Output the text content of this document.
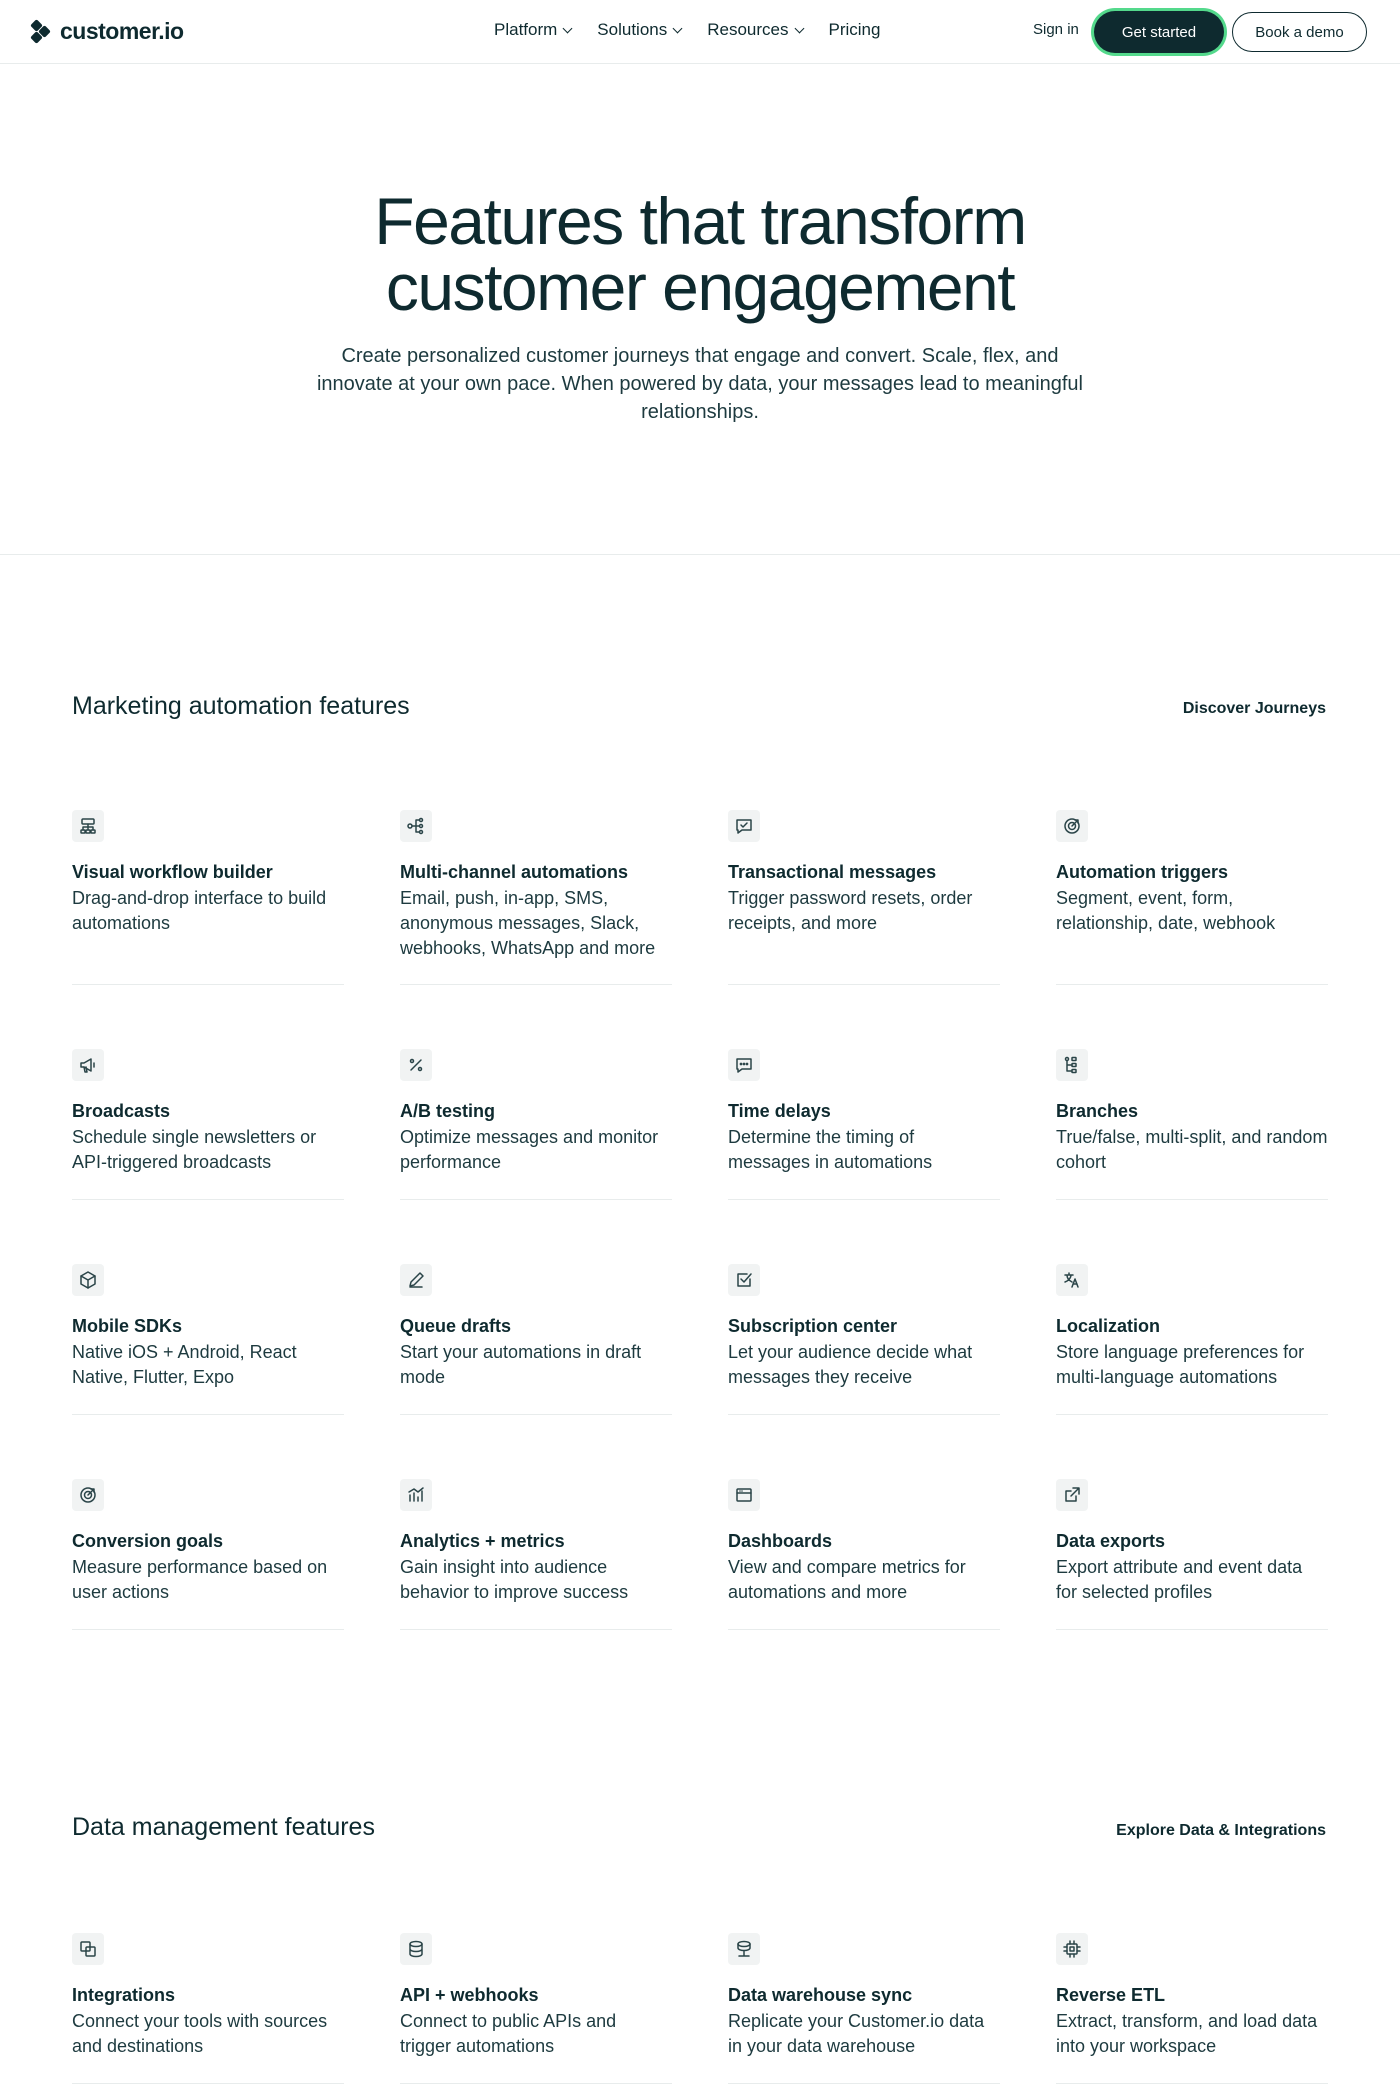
customer.io	Platform Solutions Resources Pricing	Sign in	Get started	Book a demo
Features that transform
customer engagement

Create personalized customer journeys that engage and convert. Scale, flex, and innovate at your own pace. When powered by data, your messages lead to meaningful relationships.

Marketing automation features	Discover Journeys
Visual workflow builder
Drag-and-drop interface to build automations
Multi-channel automations
Email, push, in-app, SMS, anonymous messages, Slack, webhooks, WhatsApp and more
Transactional messages
Trigger password resets, order receipts, and more
Automation triggers
Segment, event, form, relationship, date, webhook
Broadcasts
Schedule single newsletters or API-triggered broadcasts
A/B testing
Optimize messages and monitor performance
Time delays
Determine the timing of messages in automations
Branches
True/false, multi-split, and random cohort
Mobile SDKs
Native iOS + Android, React Native, Flutter, Expo
Queue drafts
Start your automations in draft mode
Subscription center
Let your audience decide what messages they receive
Localization
Store language preferences for multi-language automations
Conversion goals
Measure performance based on user actions
Analytics + metrics
Gain insight into audience behavior to improve success
Dashboards
View and compare metrics for automations and more
Data exports
Export attribute and event data for selected profiles
Data management features	Explore Data & Integrations
Integrations
Connect your tools with sources and destinations
API + webhooks
Connect to public APIs and trigger automations
Data warehouse sync
Replicate your Customer.io data in your data warehouse
Reverse ETL
Extract, transform, and load data into your workspace
